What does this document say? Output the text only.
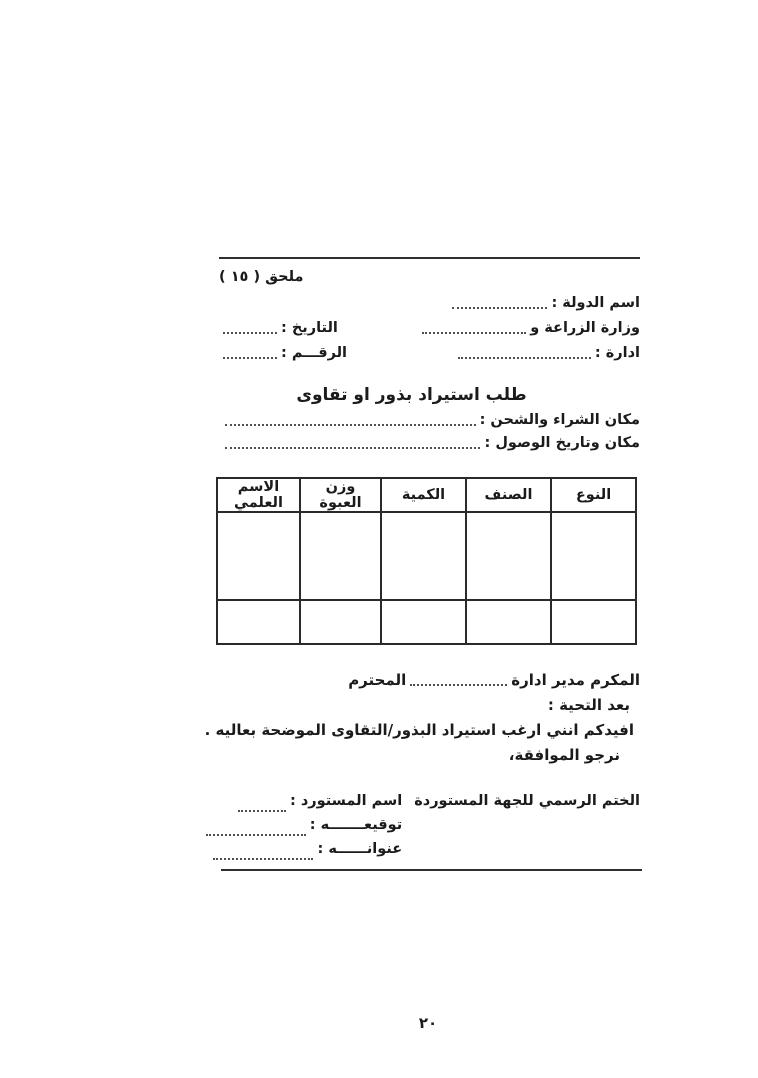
ملحق ( ١٥ )
اسم الدولة :
وزارة الزراعة و
التاريخ :
ادارة :
الرقـــم :
طلب استيراد بذور او تقاوى
مكان الشراء والشحن :
مكان وتاريخ الوصول :
النوع	الصنف	الكمية	وزن العبوة	الاسم العلمي

المكرم مدير ادارة
المحترم
بعد التحية :
افيدكم انني ارغب استيراد البذور/التقاوى الموضحة بعاليه .
نرجو الموافقة،
الختم الرسمي للجهة المستوردة
اسم المستورد :
توقيعـــــــه :
عنوانــــــه :
٢٠
